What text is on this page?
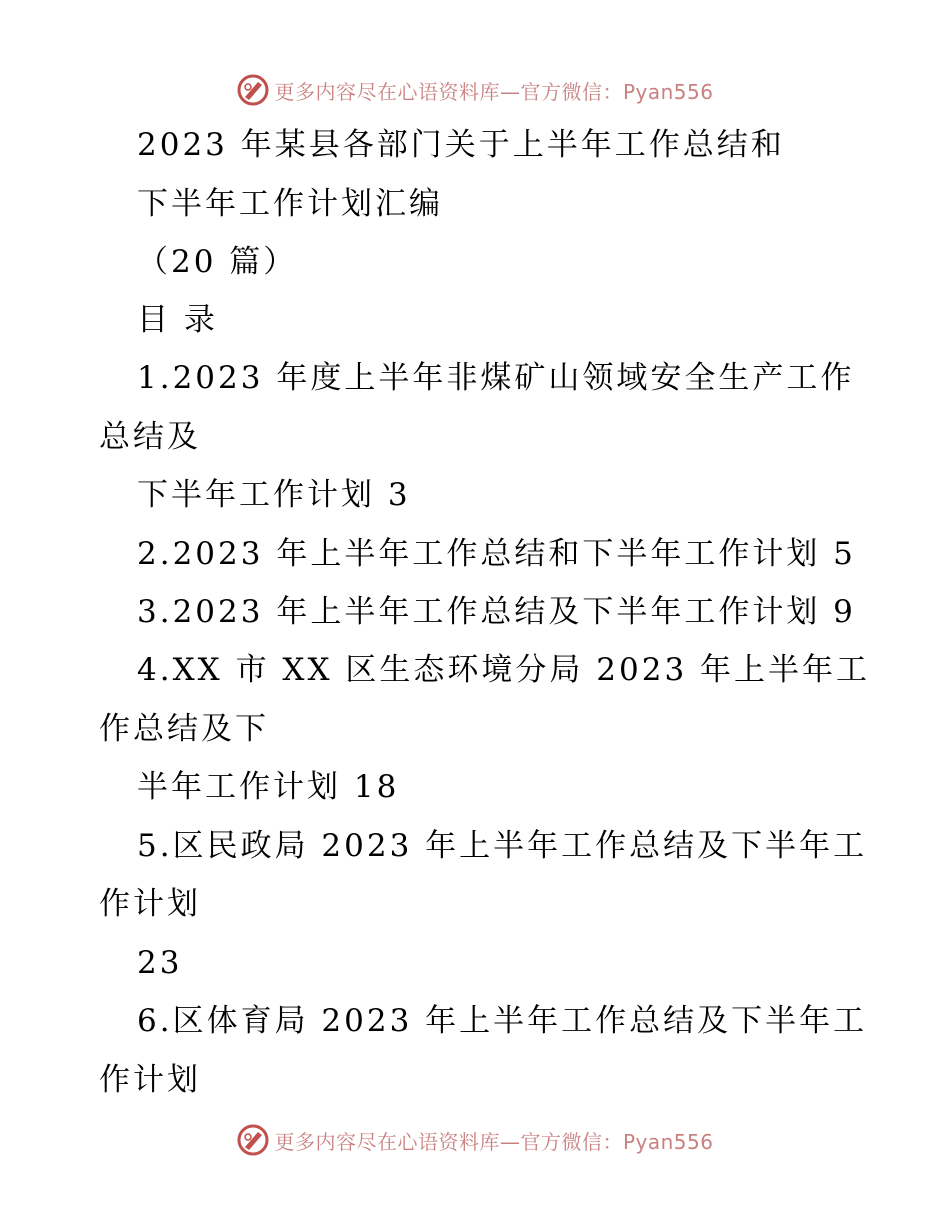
更多内容尽在心语资料库—官方微信：Pyan556
2023 年某县各部门关于上半年工作总结和
下半年工作计划汇编
（20 篇）
目 录
1.2023 年度上半年非煤矿山领域安全生产工作
总结及
下半年工作计划 3
2.2023 年上半年工作总结和下半年工作计划 5
3.2023 年上半年工作总结及下半年工作计划 9
4.XX 市 XX 区生态环境分局 2023 年上半年工
作总结及下
半年工作计划 18
5.区民政局 2023 年上半年工作总结及下半年工
作计划
23
6.区体育局 2023 年上半年工作总结及下半年工
作计划
更多内容尽在心语资料库—官方微信：Pyan556
